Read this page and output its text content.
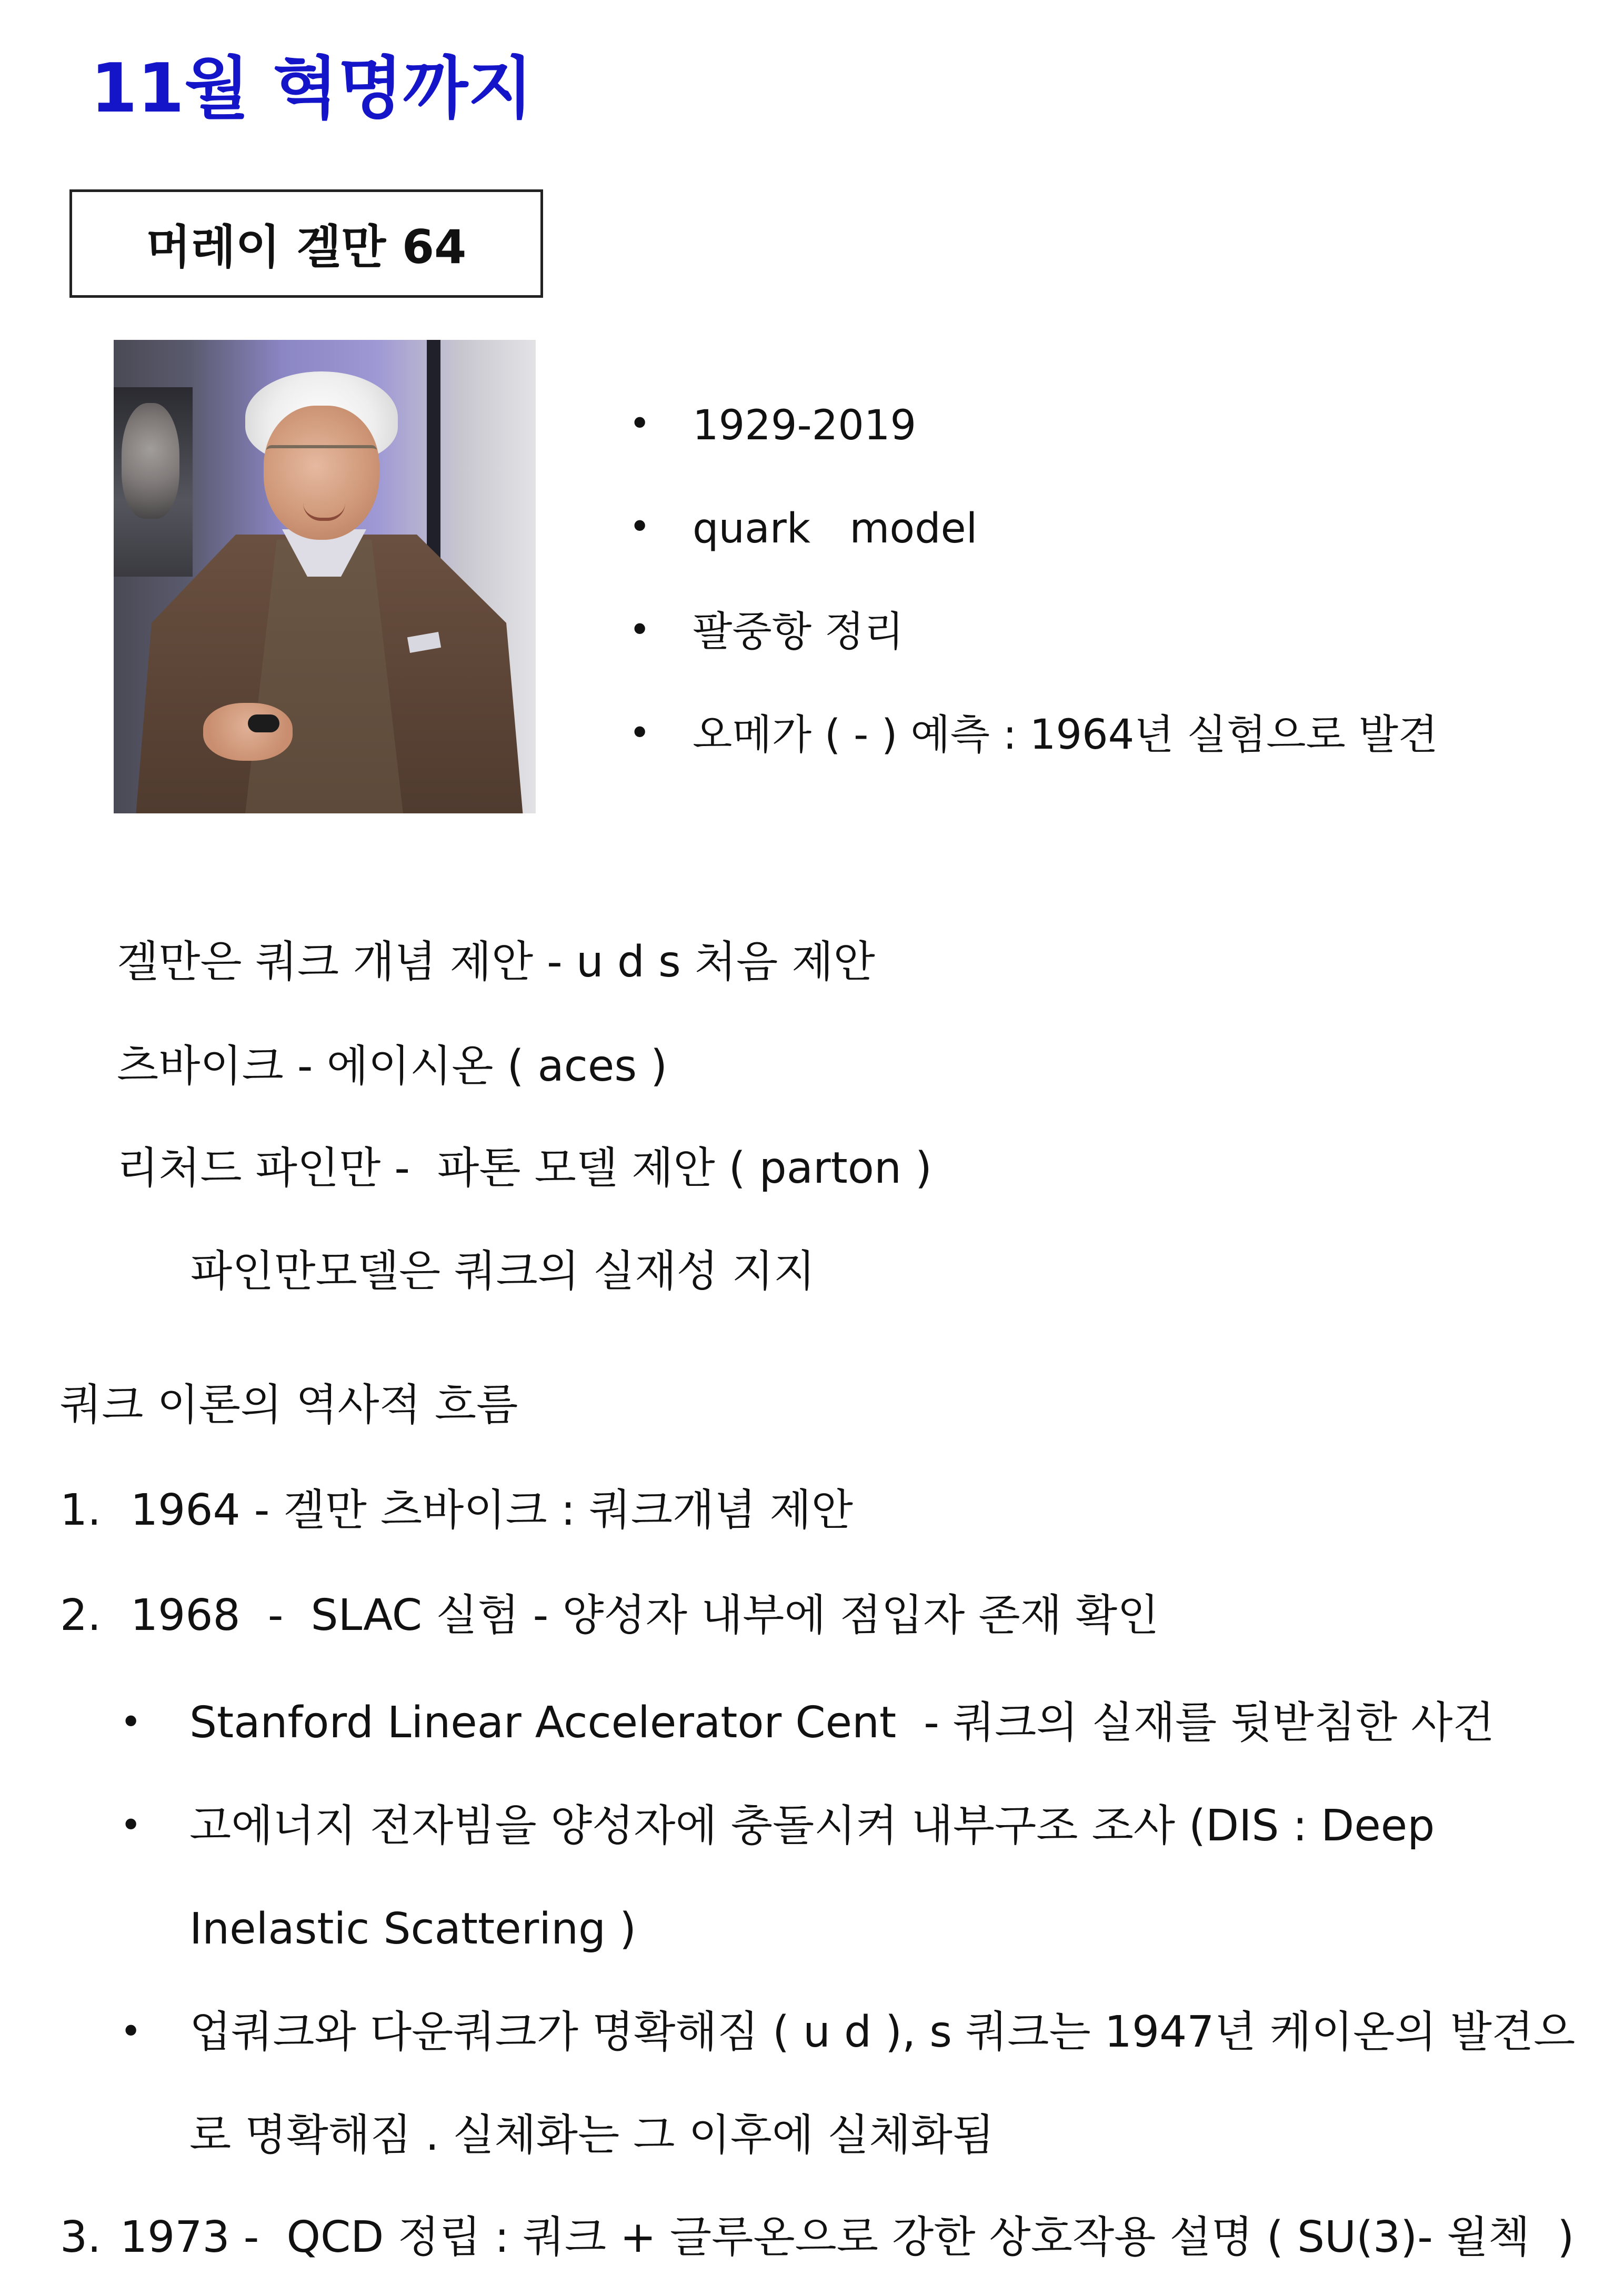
11월 혁명까지
머레이 겔만 64
• 1929-2019
• quark   model
• 팔중항 정리
• 오메가 ( - ) 예측 : 1964년 실험으로 발견
겔만은 쿼크 개념 제안 - u d s 처음 제안
츠바이크 - 에이시온 ( aces )
리처드 파인만 -  파톤 모델 제안 ( parton )
파인만모델은 쿼크의 실재성 지지
쿼크 이론의 역사적 흐름
1. 1964 - 겔만 츠바이크 : 쿼크개념 제안
2. 1968  -  SLAC 실험 - 양성자 내부에 점입자 존재 확인
• Stanford Linear Accelerator Cent  - 쿼크의 실재를 뒷받침한 사건
• 고에너지 전자빔을 양성자에 충돌시켜 내부구조 조사 (DIS : Deep
Inelastic Scattering )
• 업쿼크와 다운쿼크가 명확해짐 ( u d ), s 쿼크는 1947년 케이온의 발견으
로 명확해짐 . 실체화는 그 이후에 실체화됨
3. 1973 -  QCD 정립 : 쿼크 + 글루온으로 강한 상호작용 설명 ( SU(3)- 윌첵  )
